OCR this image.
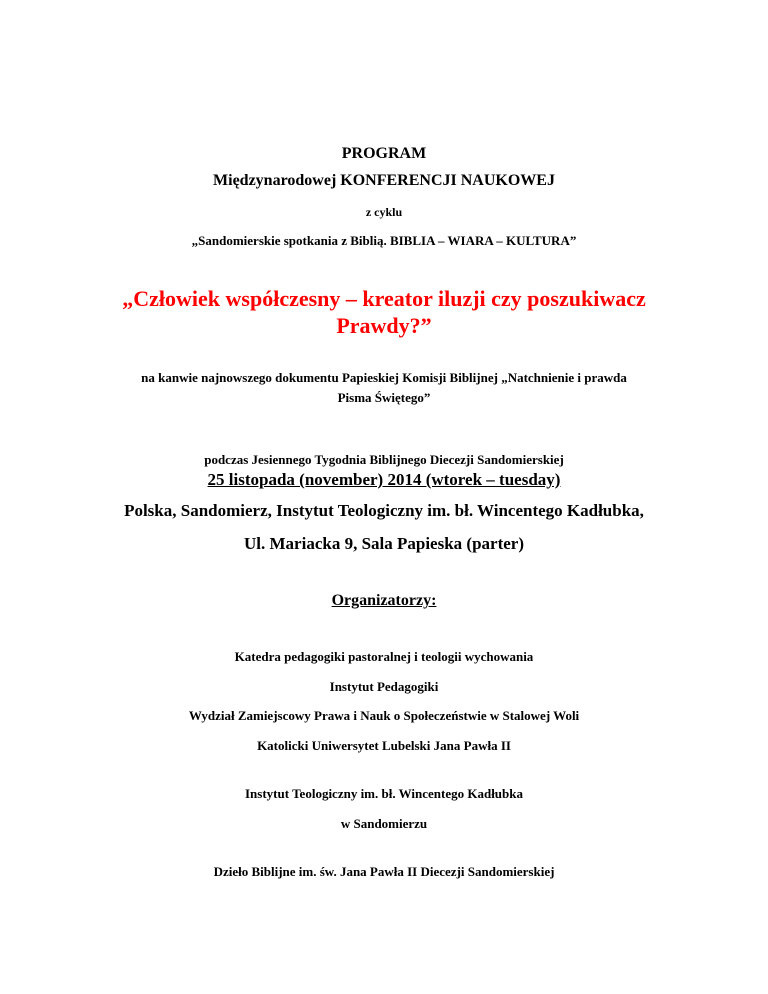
PROGRAM
Międzynarodowej KONFERENCJI NAUKOWEJ
z cyklu
„Sandomierskie spotkania z Biblią. BIBLIA – WIARA – KULTURA”
„Człowiek współczesny – kreator iluzji czy poszukiwacz
Prawdy?”
na kanwie najnowszego dokumentu Papieskiej Komisji Biblijnej „Natchnienie i prawda
Pisma Świętego”
podczas Jesiennego Tygodnia Biblijnego Diecezji Sandomierskiej
25 listopada (november) 2014 (wtorek – tuesday)
Polska, Sandomierz, Instytut Teologiczny im. bł. Wincentego Kadłubka,
Ul. Mariacka 9, Sala Papieska (parter)
Organizatorzy:
Katedra pedagogiki pastoralnej i teologii wychowania
Instytut Pedagogiki
Wydział Zamiejscowy Prawa i Nauk o Społeczeństwie w Stalowej Woli
Katolicki Uniwersytet Lubelski Jana Pawła II
Instytut Teologiczny im. bł. Wincentego Kadłubka
w Sandomierzu
Dzieło Biblijne im. św. Jana Pawła II Diecezji Sandomierskiej
